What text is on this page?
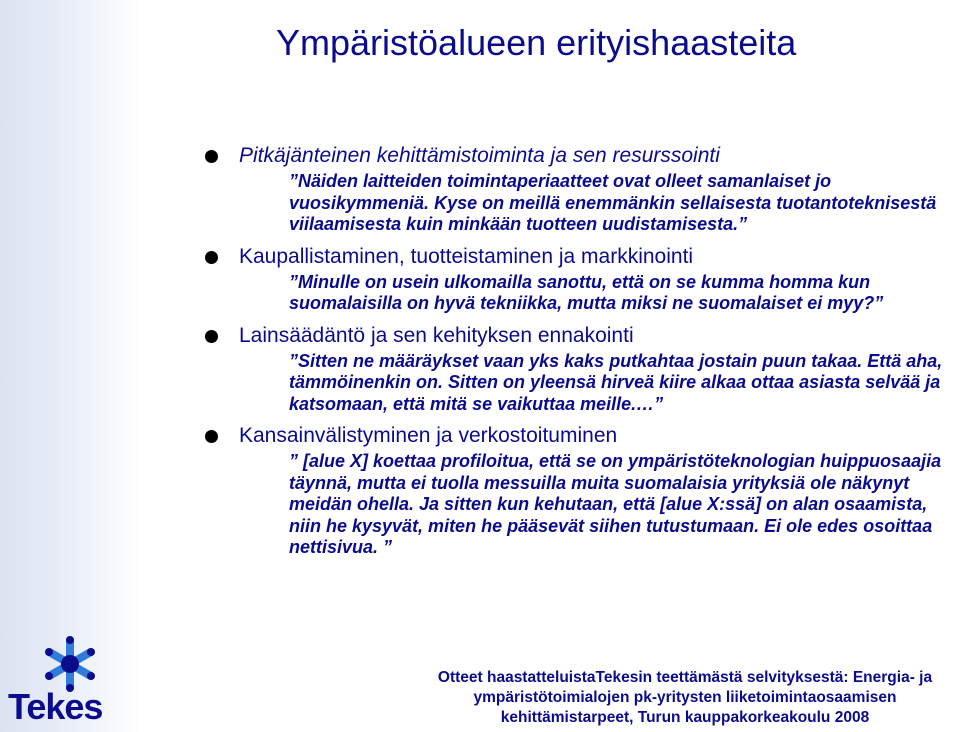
Ympäristöalueen erityishaasteita
Pitkäjänteinen kehittämistoiminta ja sen resurssointi
”Näiden laitteiden toimintaperiaatteet ovat olleet samanlaiset jo vuosikymmeniä. Kyse on meillä enemmänkin sellaisesta tuotantoteknisestä viilaamisesta kuin minkään tuotteen uudistamisesta.”
Kaupallistaminen, tuotteistaminen ja markkinointi
”Minulle on usein ulkomailla sanottu, että on se kumma homma kun suomalaisilla on hyvä tekniikka, mutta miksi ne suomalaiset ei myy?”
Lainsäädäntö ja sen kehityksen ennakointi
”Sitten ne määräykset vaan yks kaks putkahtaa jostain puun takaa. Että aha, tämmöinenkin on. Sitten on yleensä hirveä kiire alkaa ottaa asiasta selvää ja katsomaan, että mitä se vaikuttaa meille.…”
Kansainvälistyminen ja verkostoituminen
” [alue X] koettaa profiloitua, että se on ympäristöteknologian huippuosaajia täynnä, mutta ei tuolla messuilla muita suomalaisia yrityksiä ole näkynyt meidän ohella. Ja sitten kun kehutaan, että [alue X:ssä] on alan osaamista, niin he kysyvät, miten he pääsevät siihen tutustumaan. Ei ole edes osoittaa nettisivua. ”
Tekes
Otteet haastatteluistaTekesin teettämästä selvityksestä: Energia- ja ympäristötoimialojen pk-yritysten liiketoimintaosaamisen kehittämistarpeet, Turun kauppakorkeakoulu 2008
